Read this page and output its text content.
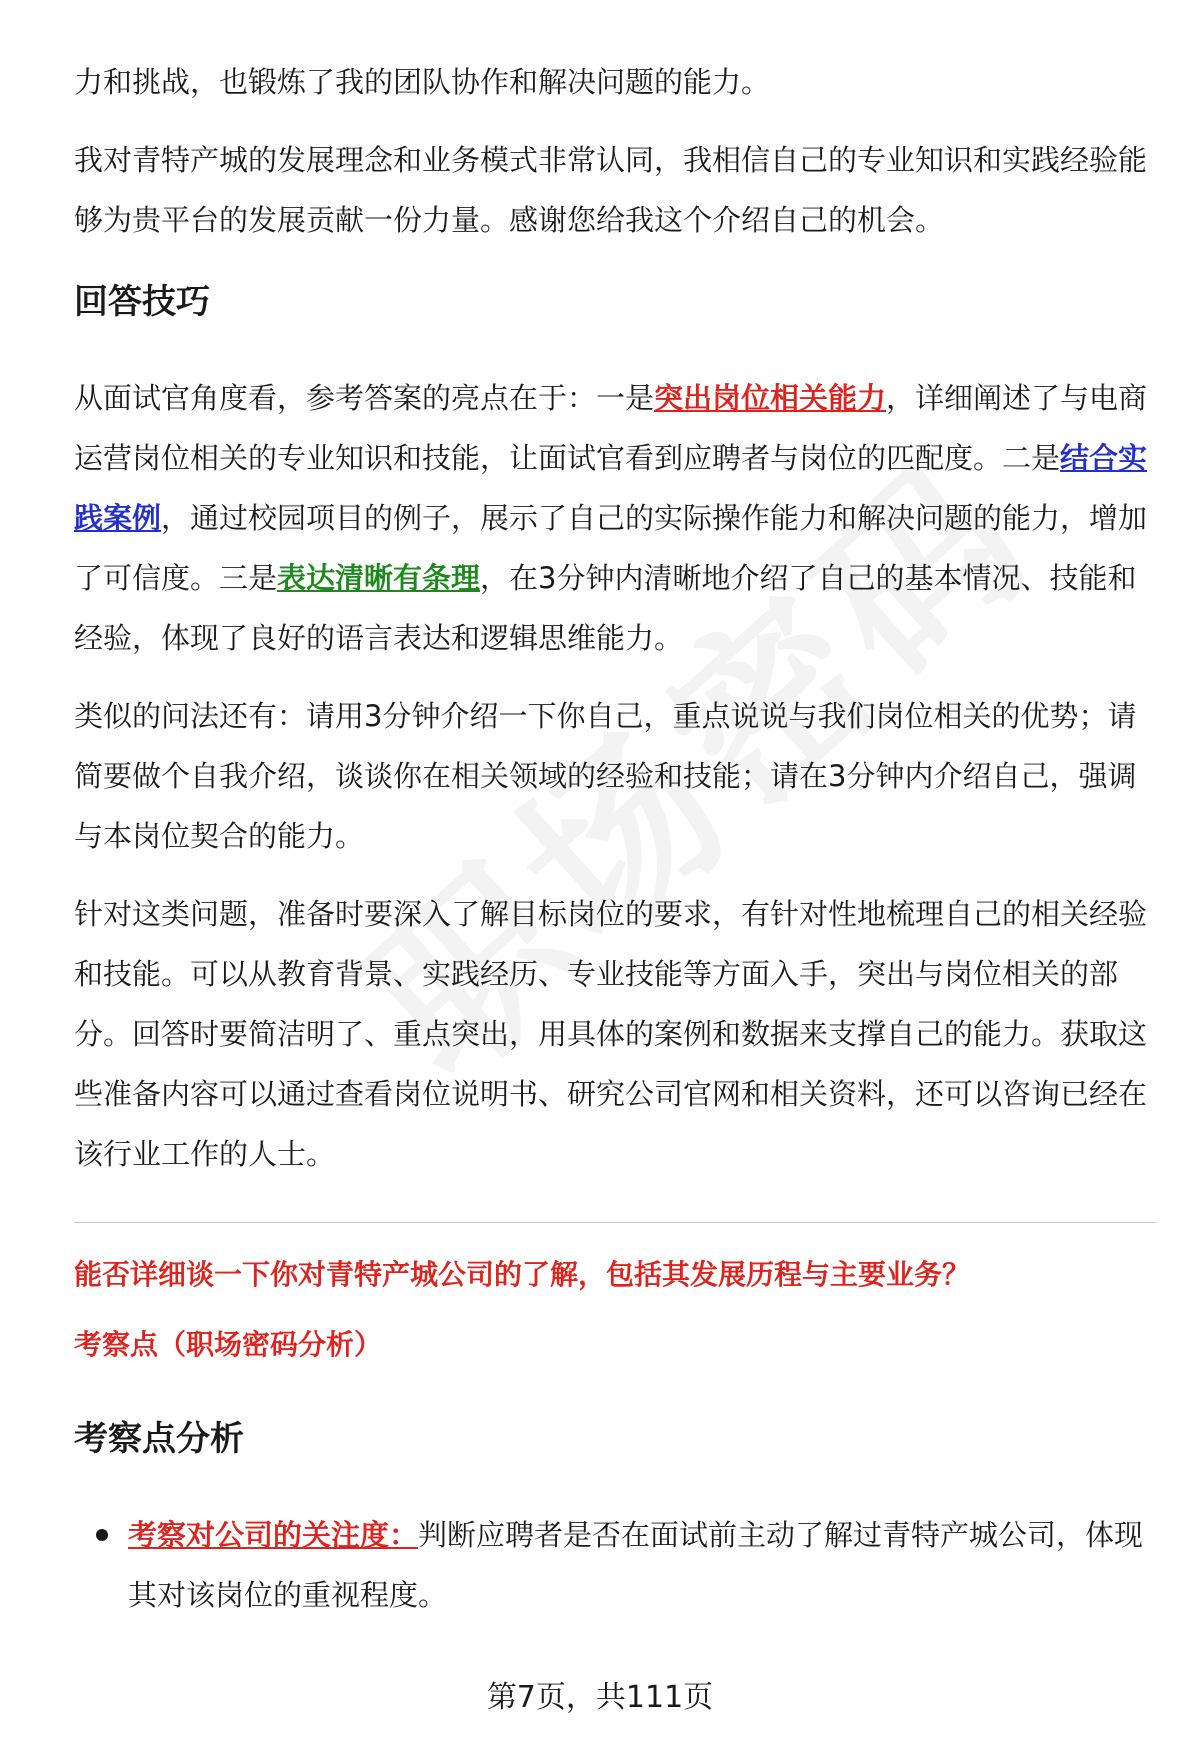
力和挑战，也锻炼了我的团队协作和解决问题的能力。

我对青特产城的发展理念和业务模式非常认同，我相信自己的专业知识和实践经验能够为贵平台的发展贡献一份力量。感谢您给我这个介绍自己的机会。

回答技巧

从面试官角度看，参考答案的亮点在于：一是突出岗位相关能力，详细阐述了与电商运营岗位相关的专业知识和技能，让面试官看到应聘者与岗位的匹配度。二是结合实践案例，通过校园项目的例子，展示了自己的实际操作能力和解决问题的能力，增加了可信度。三是表达清晰有条理，在3分钟内清晰地介绍了自己的基本情况、技能和经验，体现了良好的语言表达和逻辑思维能力。

类似的问法还有：请用3分钟介绍一下你自己，重点说说与我们岗位相关的优势；请简要做个自我介绍，谈谈你在相关领域的经验和技能；请在3分钟内介绍自己，强调与本岗位契合的能力。

针对这类问题，准备时要深入了解目标岗位的要求，有针对性地梳理自己的相关经验和技能。可以从教育背景、实践经历、专业技能等方面入手，突出与岗位相关的部分。回答时要简洁明了、重点突出，用具体的案例和数据来支撑自己的能力。获取这些准备内容可以通过查看岗位说明书、研究公司官网和相关资料，还可以咨询已经在该行业工作的人士。

能否详细谈一下你对青特产城公司的了解，包括其发展历程与主要业务？

考察点（职场密码分析）

考察点分析
考察对公司的关注度：判断应聘者是否在面试前主动了解过青特产城公司，体现其对该岗位的重视程度。
第7页，共111页
